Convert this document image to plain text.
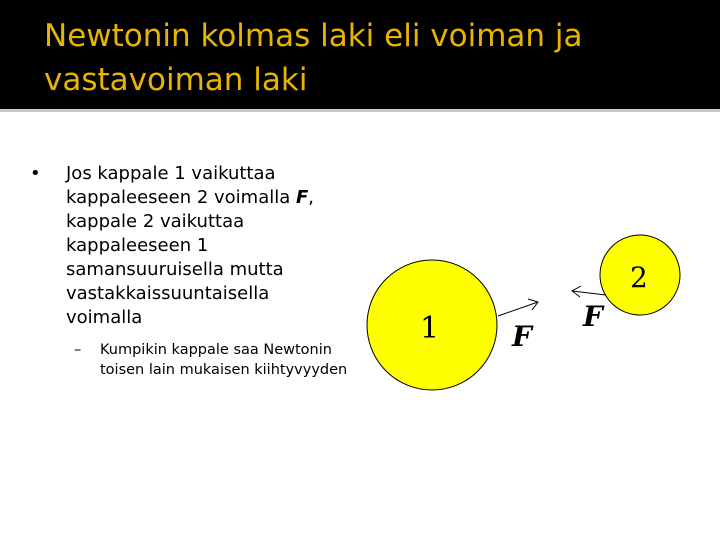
Newtonin kolmas laki eli voiman ja vastavoiman laki
• Jos kappale 1 vaikuttaa kappaleeseen 2 voimalla F, kappale 2 vaikuttaa kappaleeseen 1 samansuuruisella mutta vastakkaissuuntaisella voimalla
– Kumpikin kappale saa Newtonin toisen lain mukaisen kiihtyvyyden
1
2
F
F
